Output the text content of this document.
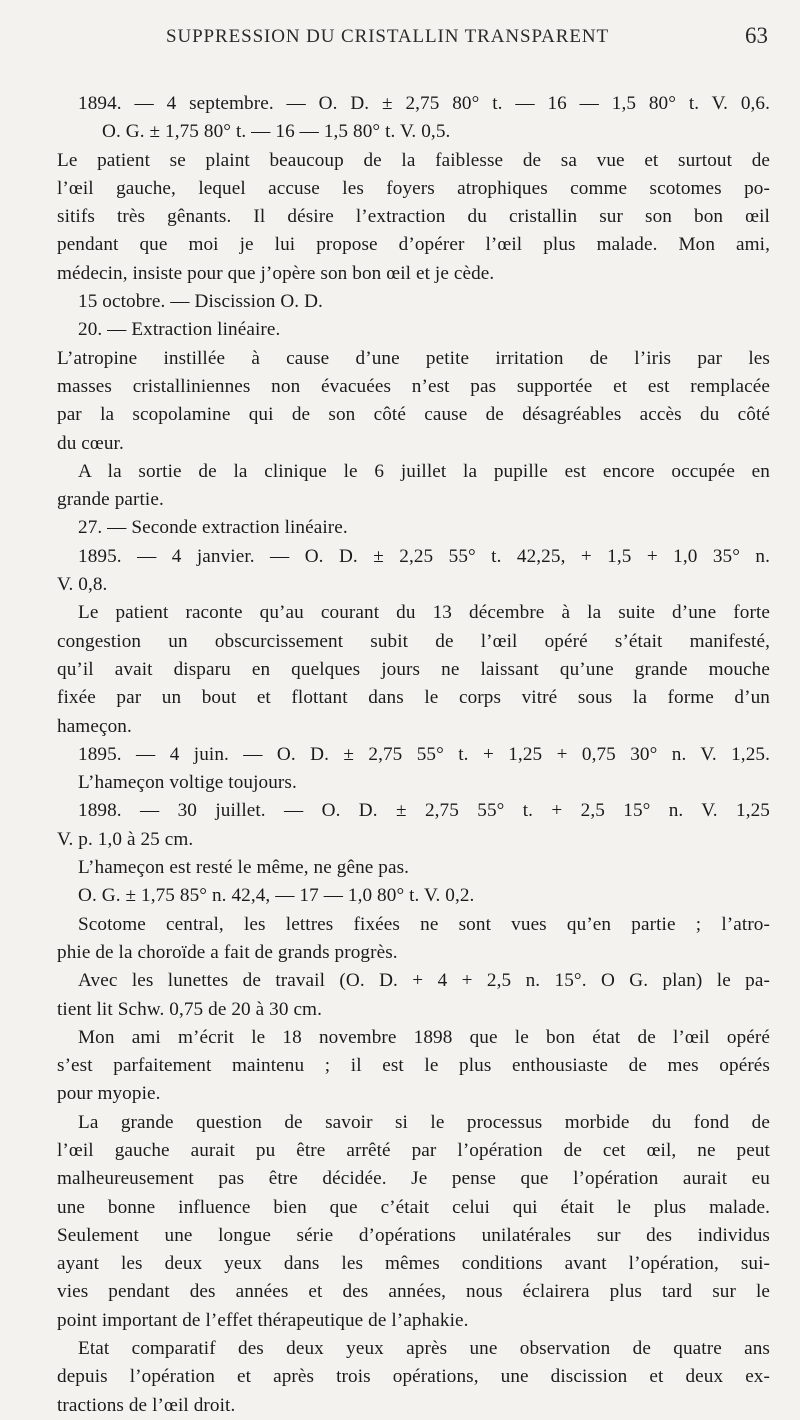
SUPPRESSION DU CRISTALLIN TRANSPARENT	63
1894. — 4 septembre. — O. D. ± 2,75 80° t. — 16 — 1,5 80° t. V. 0,6.
O. G. ± 1,75 80° t. — 16 — 1,5 80° t. V. 0,5.
Le patient se plaint beaucoup de la faiblesse de sa vue et surtout de
l’œil gauche, lequel accuse les foyers atrophiques comme scotomes po-
sitifs très gênants. Il désire l’extraction du cristallin sur son bon œil
pendant que moi je lui propose d’opérer l’œil plus malade. Mon ami,
médecin, insiste pour que j’opère son bon œil et je cède.
15 octobre. — Discission O. D.
20. — Extraction linéaire.
L’atropine instillée à cause d’une petite irritation de l’iris par les
masses cristalliniennes non évacuées n’est pas supportée et est remplacée
par la scopolamine qui de son côté cause de désagréables accès du côté
du cœur.
A la sortie de la clinique le 6 juillet la pupille est encore occupée en
grande partie.
27. — Seconde extraction linéaire.
1895. — 4 janvier. — O. D. ± 2,25 55° t. 42,25, + 1,5 + 1,0 35° n.
V. 0,8.
Le patient raconte qu’au courant du 13 décembre à la suite d’une forte
congestion un obscurcissement subit de l’œil opéré s’était manifesté,
qu’il avait disparu en quelques jours ne laissant qu’une grande mouche
fixée par un bout et flottant dans le corps vitré sous la forme d’un
hameçon.
1895. — 4 juin. — O. D. ± 2,75 55° t. + 1,25 + 0,75 30° n. V. 1,25.
L’hameçon voltige toujours.
1898. — 30 juillet. — O. D. ± 2,75 55° t. + 2,5 15° n. V. 1,25
V. p. 1,0 à 25 cm.
L’hameçon est resté le même, ne gêne pas.
O. G. ± 1,75 85° n. 42,4, — 17 — 1,0 80° t. V. 0,2.
Scotome central, les lettres fixées ne sont vues qu’en partie ; l’atro-
phie de la choroïde a fait de grands progrès.
Avec les lunettes de travail (O. D. + 4 + 2,5 n. 15°. O G. plan) le pa-
tient lit Schw. 0,75 de 20 à 30 cm.
Mon ami m’écrit le 18 novembre 1898 que le bon état de l’œil opéré
s’est parfaitement maintenu ; il est le plus enthousiaste de mes opérés
pour myopie.
La grande question de savoir si le processus morbide du fond de
l’œil gauche aurait pu être arrêté par l’opération de cet œil, ne peut
malheureusement pas être décidée. Je pense que l’opération aurait eu
une bonne influence bien que c’était celui qui était le plus malade.
Seulement une longue série d’opérations unilatérales sur des individus
ayant les deux yeux dans les mêmes conditions avant l’opération, sui-
vies pendant des années et des années, nous éclairera plus tard sur le
point important de l’effet thérapeutique de l’aphakie.
Etat comparatif des deux yeux après une observation de quatre ans
depuis l’opération et après trois opérations, une discission et deux ex-
tractions de l’œil droit.
